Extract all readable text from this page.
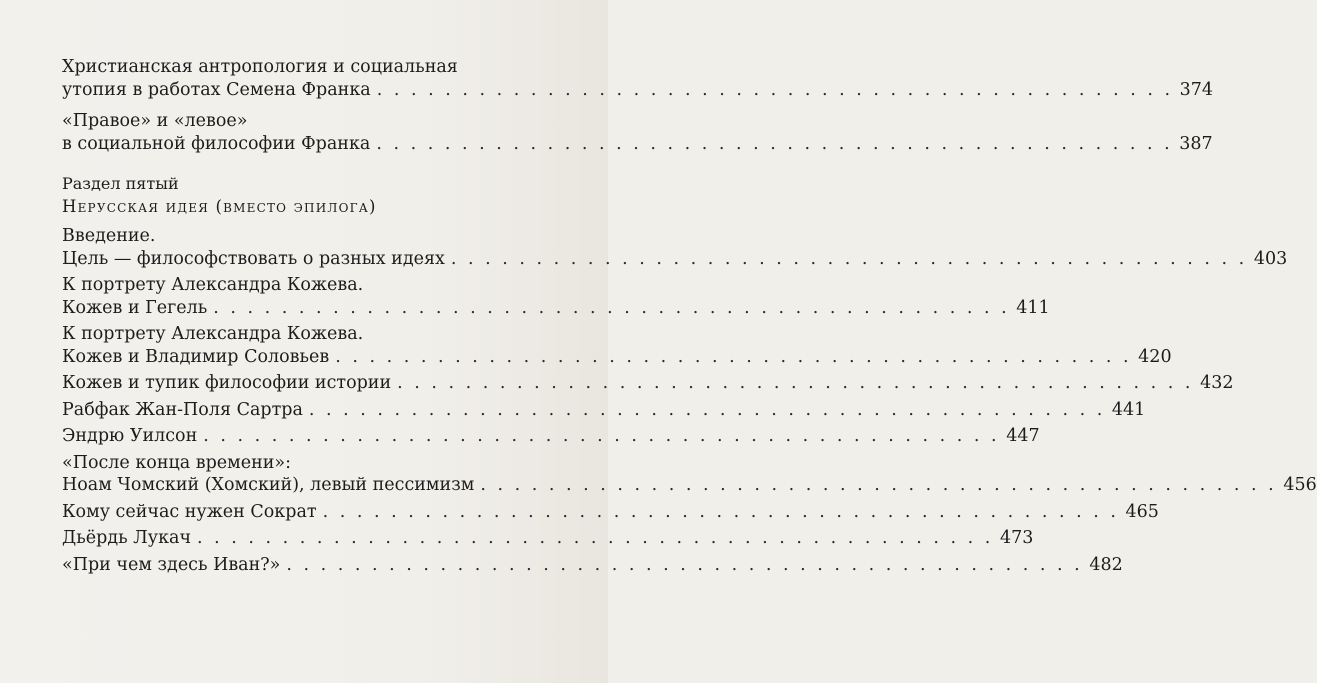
Христианская антропология и социальная
утопия в работах Семена Франка . . . . . . . . . . . . . . . . . . . . . . . . . . . . . . . . . . . . . . . . . . . . . . . 374
«Правое» и «левое»
в социальной философии Франка . . . . . . . . . . . . . . . . . . . . . . . . . . . . . . . . . . . . . . . . . . . . . . . 387
Раздел пятый
Нерусская идея (вместо эпилога)
Введение.
Цель — философствовать о разных идеях . . . . . . . . . . . . . . . . . . . . . . . . . . . . . . . . . . . . . . . . . . . . . . . 403
К портрету Александра Кожева.
Кожев и Гегель . . . . . . . . . . . . . . . . . . . . . . . . . . . . . . . . . . . . . . . . . . . . . . . 411
К портрету Александра Кожева.
Кожев и Владимир Соловьев . . . . . . . . . . . . . . . . . . . . . . . . . . . . . . . . . . . . . . . . . . . . . . . 420
Кожев и тупик философии истории . . . . . . . . . . . . . . . . . . . . . . . . . . . . . . . . . . . . . . . . . . . . . . . 432
Рабфак Жан-Поля Сартра . . . . . . . . . . . . . . . . . . . . . . . . . . . . . . . . . . . . . . . . . . . . . . . 441
Эндрю Уилсон . . . . . . . . . . . . . . . . . . . . . . . . . . . . . . . . . . . . . . . . . . . . . . . 447
«После конца времени»:
Ноам Чомский (Хомский), левый пессимизм . . . . . . . . . . . . . . . . . . . . . . . . . . . . . . . . . . . . . . . . . . . . . . . 456
Кому сейчас нужен Сократ . . . . . . . . . . . . . . . . . . . . . . . . . . . . . . . . . . . . . . . . . . . . . . . 465
Дьёрдь Лукач . . . . . . . . . . . . . . . . . . . . . . . . . . . . . . . . . . . . . . . . . . . . . . . 473
«При чем здесь Иван?» . . . . . . . . . . . . . . . . . . . . . . . . . . . . . . . . . . . . . . . . . . . . . . . 482
